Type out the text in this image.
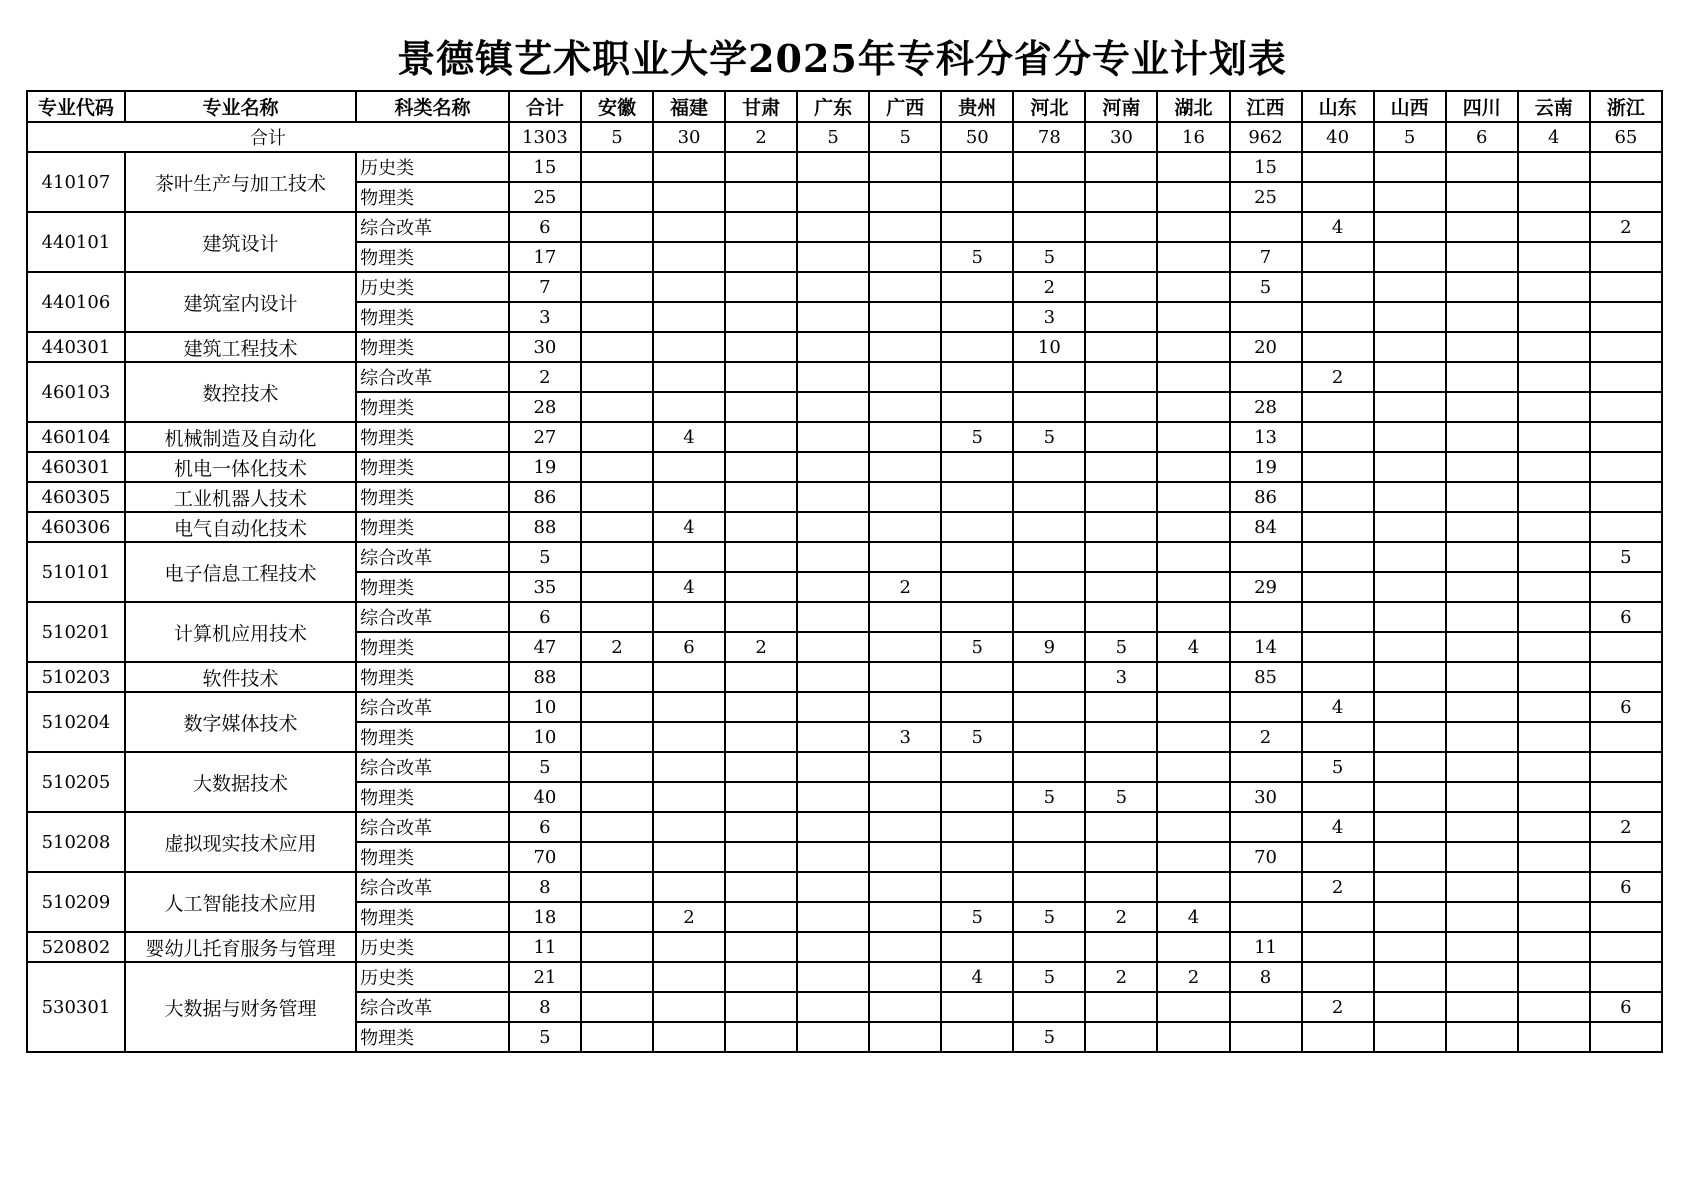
景德镇艺术职业大学2025年专科分省分专业计划表
专业代码	专业名称	科类名称	合计	安徽	福建	甘肃	广东	广西	贵州	河北	河南	湖北	江西	山东	山西	四川	云南	浙江
合计			1303	5	30	2	5	5	50	78	30	16	962	40	5	6	4	65
410107	茶叶生产与加工技术	历史类	15										15					
		物理类	25										25					
440101	建筑设计	综合改革	6											4				2
		物理类	17						5	5			7					
440106	建筑室内设计	历史类	7							2			5					
		物理类	3							3								
440301	建筑工程技术	物理类	30							10			20					
460103	数控技术	综合改革	2											2				
		物理类	28										28					
460104	机械制造及自动化	物理类	27		4				5	5			13					
460301	机电一体化技术	物理类	19										19					
460305	工业机器人技术	物理类	86										86					
460306	电气自动化技术	物理类	88		4								84					
510101	电子信息工程技术	综合改革	5															5
		物理类	35		4			2					29					
510201	计算机应用技术	综合改革	6															6
		物理类	47	2	6	2			5	9	5	4	14					
510203	软件技术	物理类	88								3		85					
510204	数字媒体技术	综合改革	10											4				6
		物理类	10					3	5				2					
510205	大数据技术	综合改革	5											5				
		物理类	40							5	5		30					
510208	虚拟现实技术应用	综合改革	6											4				2
		物理类	70										70					
510209	人工智能技术应用	综合改革	8											2				6
		物理类	18		2				5	5	2	4						
520802	婴幼儿托育服务与管理	历史类	11										11					
530301	大数据与财务管理	历史类	21						4	5	2	2	8					
		综合改革	8											2				6
		物理类	5							5								
